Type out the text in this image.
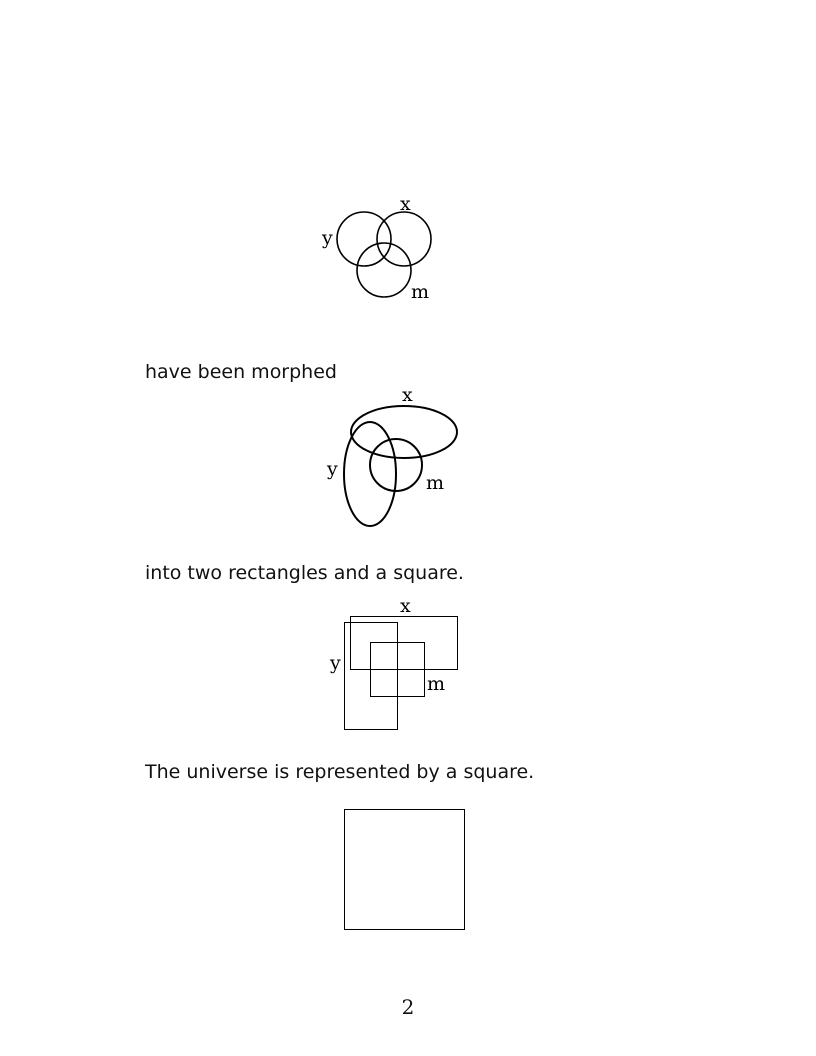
x
y
m

have been morphed

x
y
m

into two rectangles and a square.

x
y
m

The universe is represented by a square.

2
